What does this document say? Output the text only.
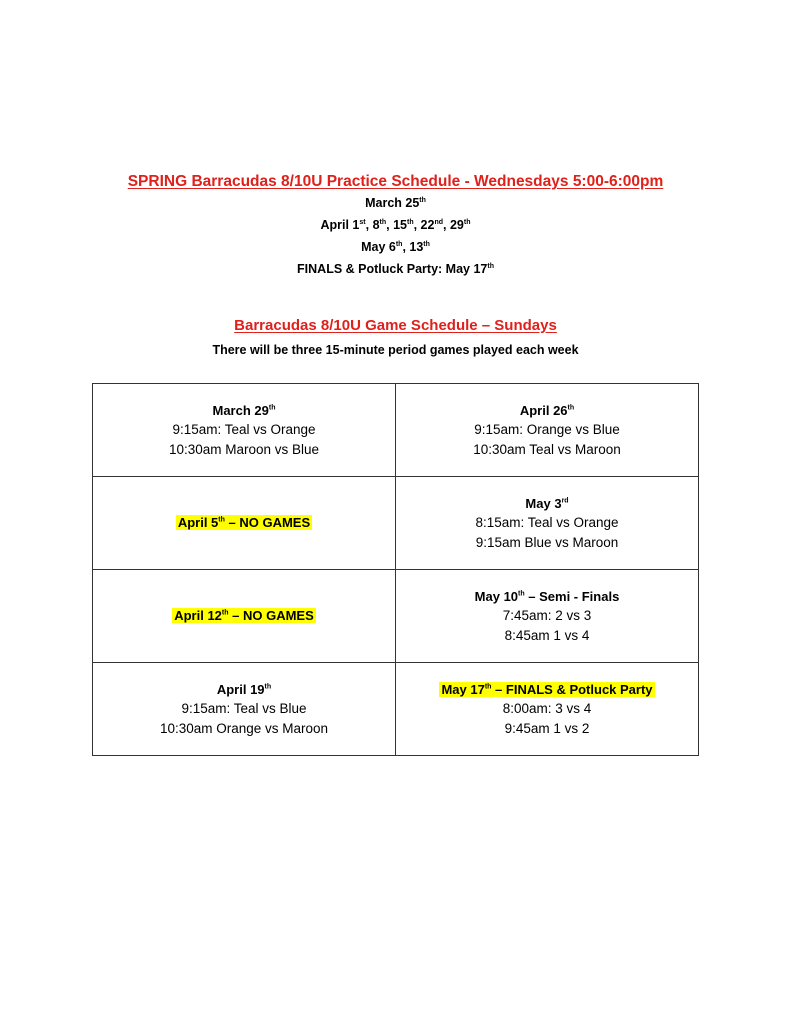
SPRING Barracudas 8/10U Practice Schedule - Wednesdays 5:00-6:00pm
March 25th
April 1st, 8th, 15th, 22nd, 29th
May 6th, 13th
FINALS & Potluck Party: May 17th
Barracudas 8/10U Game Schedule – Sundays
There will be three 15-minute period games played each week
March 29th
9:15am: Teal vs Orange
10:30am Maroon vs Blue	April 26th
9:15am: Orange vs Blue
10:30am Teal vs Maroon

April 5th – NO GAMES	May 3rd
8:15am: Teal vs Orange
9:15am Blue vs Maroon

April 12th – NO GAMES	May 10th – Semi - Finals
7:45am: 2 vs 3
8:45am 1 vs 4

April 19th
9:15am: Teal vs Blue
10:30am Orange vs Maroon	May 17th – FINALS & Potluck Party
8:00am: 3 vs 4
9:45am 1 vs 2
